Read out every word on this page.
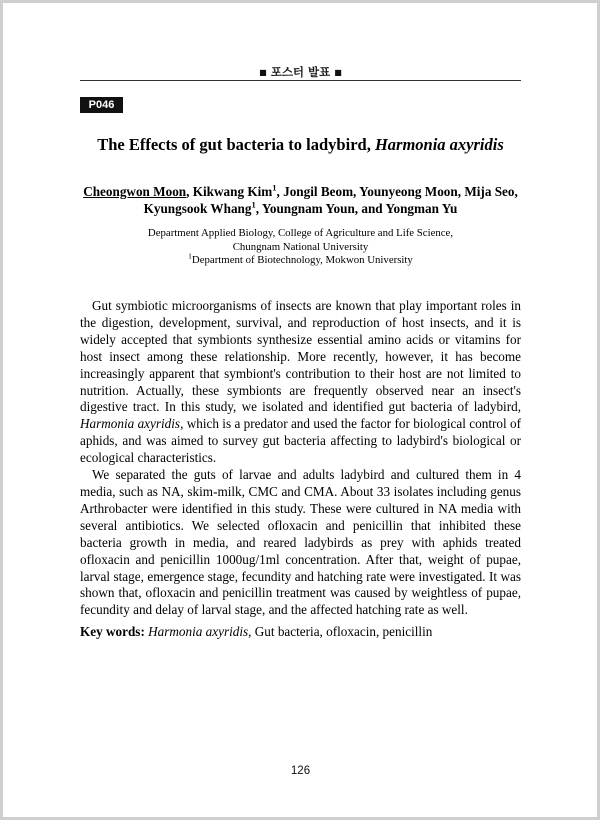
■ 포스터 발표 ■
P046
The Effects of gut bacteria to ladybird, Harmonia axyridis
Cheongwon Moon, Kikwang Kim$^1$, Jongil Beom, Younyeong Moon, Mija Seo,
Kyungsook Whang$^1$, Youngnam Youn, and Yongman Yu
Department Applied Biology, College of Agriculture and Life Science,
Chungnam National University
$^1$Department of Biotechnology, Mokwon University

Gut symbiotic microorganisms of insects are known that play important roles in the digestion, development, survival, and reproduction of host insects, and it is widely accepted that symbionts synthesize essential amino acids or vitamins for host insect among these relationship. More recently, however, it has become increasingly apparent that symbiont's contribution to their host are not limited to nutrition. Actually, these symbionts are frequently observed near an insect's digestive tract. In this study, we isolated and identified gut bacteria of ladybird, Harmonia axyridis, which is a predator and used the factor for biological control of aphids, and was aimed to survey gut bacteria affecting to ladybird's biological or ecological characteristics.

We separated the guts of larvae and adults ladybird and cultured them in 4 media, such as NA, skim-milk, CMC and CMA. About 33 isolates including genus Arthrobacter were identified in this study. These were cultured in NA media with several antibiotics. We selected ofloxacin and penicillin that inhibited these bacteria growth in media, and reared ladybirds as prey with aphids treated ofloxacin and penicillin 1000ug/1ml concentration. After that, weight of pupae, larval stage, emergence stage, fecundity and hatching rate were investigated. It was shown that, ofloxacin and penicillin treatment was caused by weightless of pupae, fecundity and delay of larval stage, and the affected hatching rate as well.

Key words: Harmonia axyridis, Gut bacteria, ofloxacin, penicillin
126
